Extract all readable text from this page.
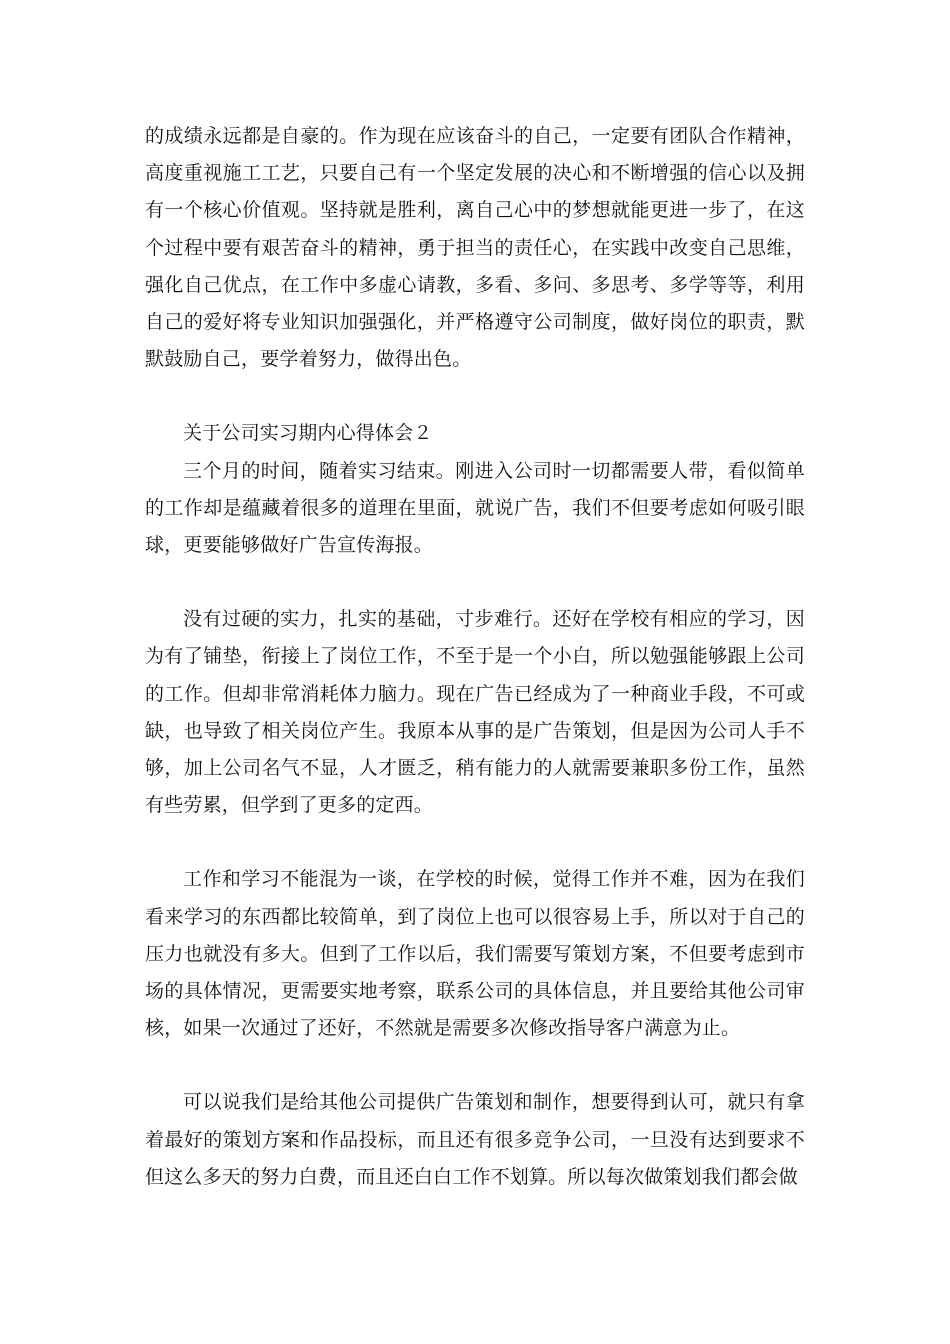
的成绩永远都是自豪的。作为现在应该奋斗的自己，一定要有团队合作精神，高度重视施工工艺，只要自己有一个坚定发展的决心和不断增强的信心以及拥有一个核心价值观。坚持就是胜利，离自己心中的梦想就能更进一步了，在这个过程中要有艰苦奋斗的精神，勇于担当的责任心，在实践中改变自己思维，强化自己优点，在工作中多虚心请教，多看、多问、多思考、多学等等，利用自己的爱好将专业知识加强强化，并严格遵守公司制度，做好岗位的职责，默默鼓励自己，要学着努力，做得出色。

关于公司实习期内心得体会２

三个月的时间，随着实习结束。刚进入公司时一切都需要人带，看似简单的工作却是蕴藏着很多的道理在里面，就说广告，我们不但要考虑如何吸引眼球，更要能够做好广告宣传海报。

没有过硬的实力，扎实的基础，寸步难行。还好在学校有相应的学习，因为有了铺垫，衔接上了岗位工作，不至于是一个小白，所以勉强能够跟上公司的工作。但却非常消耗体力脑力。现在广告已经成为了一种商业手段，不可或缺，也导致了相关岗位产生。我原本从事的是广告策划，但是因为公司人手不够，加上公司名气不显，人才匮乏，稍有能力的人就需要兼职多份工作，虽然有些劳累，但学到了更多的定西。

工作和学习不能混为一谈，在学校的时候，觉得工作并不难，因为在我们看来学习的东西都比较简单，到了岗位上也可以很容易上手，所以对于自己的压力也就没有多大。但到了工作以后，我们需要写策划方案，不但要考虑到市场的具体情况，更需要实地考察，联系公司的具体信息，并且要给其他公司审核，如果一次通过了还好，不然就是需要多次修改指导客户满意为止。

可以说我们是给其他公司提供广告策划和制作，想要得到认可，就只有拿着最好的策划方案和作品投标，而且还有很多竞争公司，一旦没有达到要求不但这么多天的努力白费，而且还白白工作不划算。所以每次做策划我们都会做
